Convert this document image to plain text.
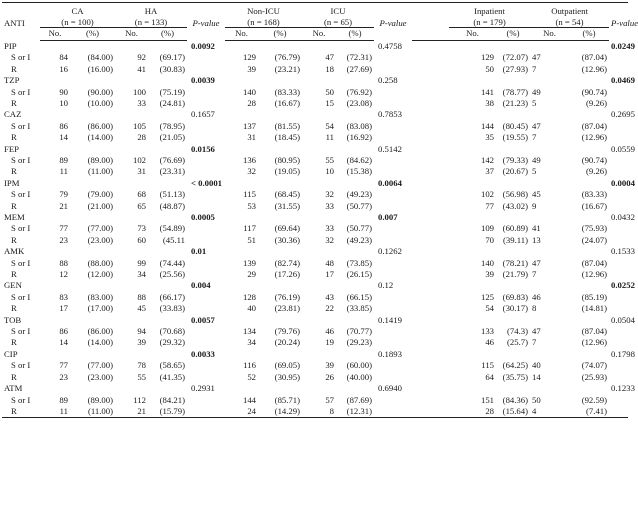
ANTI	CA
(n = 100)		HA
(n = 133)		P-value	Non-ICU
(n = 168)		ICU
(n = 65)		P-value		Inpatient
(n = 179)		Outpatient
(n = 54)		P-value
	No.	(%)	No.	(%)		No.	(%)	No.	(%)			No.	(%)	No.	(%)	
PIP					0.0092					0.4758						0.0249
S or I	84	(84.00)	92	(69.17)		129	(76.79)	47	(72.31)			129	(72.07)	47	(87.04)	
R	16	(16.00)	41	(30.83)		39	(23.21)	18	(27.69)			50	(27.93)	7	(12.96)	
TZP					0.0039					0.258						0.0469
S or I	90	(90.00)	100	(75.19)		140	(83.33)	50	(76.92)			141	(78.77)	49	(90.74)	
R	10	(10.00)	33	(24.81)		28	(16.67)	15	(23.08)			38	(21.23)	5	(9.26)	
CAZ					0.1657					0.7853						0.2695
S or I	86	(86.00)	105	(78.95)		137	(81.55)	54	(83.08)			144	(80.45)	47	(87.04)	
R	14	(14.00)	28	(21.05)		31	(18.45)	11	(16.92)			35	(19.55)	7	(12.96)	
FEP					0.0156					0.5142						0.0559
S or I	89	(89.00)	102	(76.69)		136	(80.95)	55	(84.62)			142	(79.33)	49	(90.74)	
R	11	(11.00)	31	(23.31)		32	(19.05)	10	(15.38)			37	(20.67)	5	(9.26)	
IPM					< 0.0001					0.0064						0.0004
S or I	79	(79.00)	68	(51.13)		115	(68.45)	32	(49.23)			102	(56.98)	45	(83.33)	
R	21	(21.00)	65	(48.87)		53	(31.55)	33	(50.77)			77	(43.02)	9	(16.67)	
MEM					0.0005					0.007						0.0432
S or I	77	(77.00)	73	(54.89)		117	(69.64)	33	(50.77)			109	(60.89)	41	(75.93)	
R	23	(23.00)	60	(45.11		51	(30.36)	32	(49.23)			70	(39.11)	13	(24.07)	
AMK					0.01					0.1262						0.1533
S or I	88	(88.00)	99	(74.44)		139	(82.74)	48	(73.85)			140	(78.21)	47	(87.04)	
R	12	(12.00)	34	(25.56)		29	(17.26)	17	(26.15)			39	(21.79)	7	(12.96)	
GEN					0.004					0.12						0.0252
S or I	83	(83.00)	88	(66.17)		128	(76.19)	43	(66.15)			125	(69.83)	46	(85.19)	
R	17	(17.00)	45	(33.83)		40	(23.81)	22	(33.85)			54	(30.17)	8	(14.81)	
TOB					0.0057					0.1419						0.0504
S or I	86	(86.00)	94	(70.68)		134	(79.76)	46	(70.77)			133	(74.3)	47	(87.04)	
R	14	(14.00)	39	(29.32)		34	(20.24)	19	(29.23)			46	(25.7)	7	(12.96)	
CIP					0.0033					0.1893						0.1798
S or I	77	(77.00)	78	(58.65)		116	(69.05)	39	(60.00)			115	(64.25)	40	(74.07)	
R	23	(23.00)	55	(41.35)		52	(30.95)	26	(40.00)			64	(35.75)	14	(25.93)	
ATM					0.2931					0.6940						0.1233
S or I	89	(89.00)	112	(84.21)		144	(85.71)	57	(87.69)			151	(84.36)	50	(92.59)	
R	11	(11.00)	21	(15.79)		24	(14.29)	8	(12.31)			28	(15.64)	4	(7.41)	
